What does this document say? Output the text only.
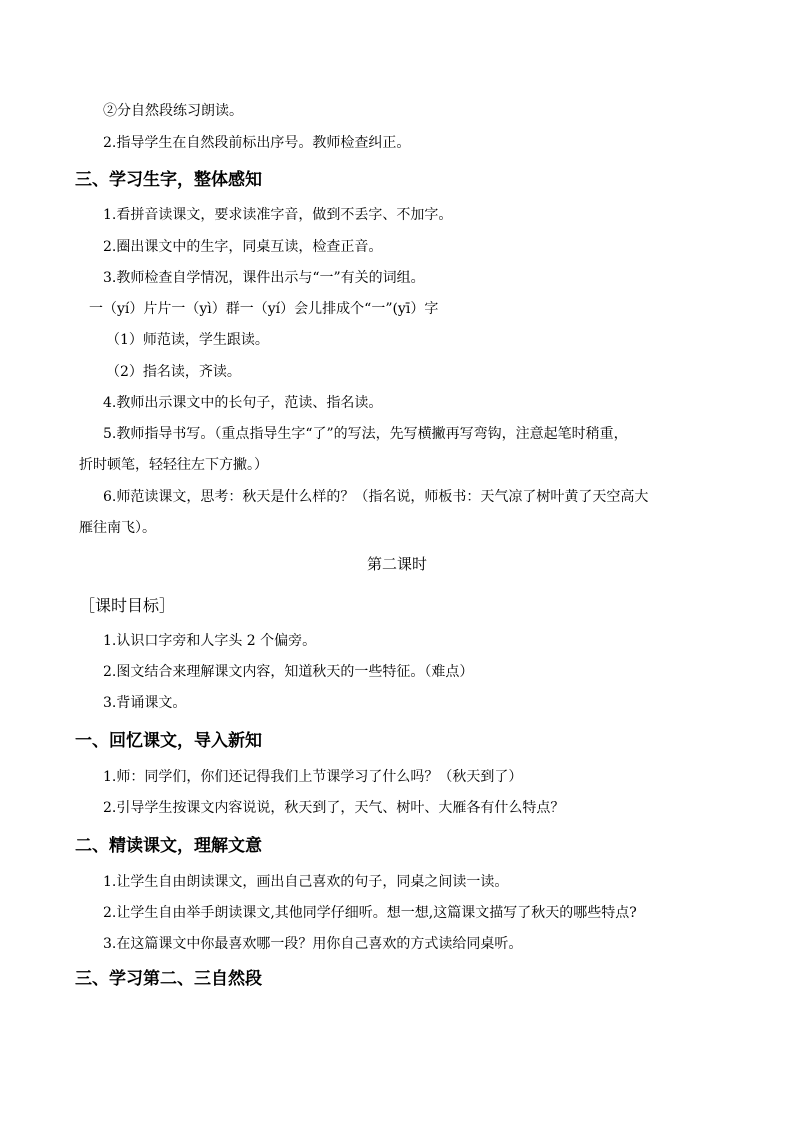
②分自然段练习朗读。
2.指导学生在自然段前标出序号。教师检查纠正。
三、学习生字，整体感知
1.看拼音读课文，要求读准字音，做到不丢字、不加字。
2.圈出课文中的生字，同桌互读，检查正音。
3.教师检查自学情况，课件出示与“一”有关的词组。
一（yí）片片一（yì）群一（yí）会儿排成个“一”(yī）字
（1）师范读，学生跟读。
（2）指名读，齐读。
4.教师出示课文中的长句子，范读、指名读。
5.教师指导书写。（重点指导生字“了”的写法，先写横撇再写弯钩，注意起笔时稍重，
折时顿笔，轻轻往左下方撇。）
6.师范读课文，思考：秋天是什么样的？（指名说，师板书：天气凉了树叶黄了天空高大
雁往南飞）。
第二课时
［课时目标］
1.认识口字旁和人字头 2 个偏旁。
2.图文结合来理解课文内容，知道秋天的一些特征。（难点）
3.背诵课文。
一、回忆课文，导入新知
1.师：同学们，你们还记得我们上节课学习了什么吗？（秋天到了）
2.引导学生按课文内容说说，秋天到了，天气、树叶、大雁各有什么特点？
二、精读课文，理解文意
1.让学生自由朗读课文，画出自己喜欢的句子，同桌之间读一读。
2.让学生自由举手朗读课文,其他同学仔细听。想一想,这篇课文描写了秋天的哪些特点?
3.在这篇课文中你最喜欢哪一段？用你自己喜欢的方式读给同桌听。
三、学习第二、三自然段
